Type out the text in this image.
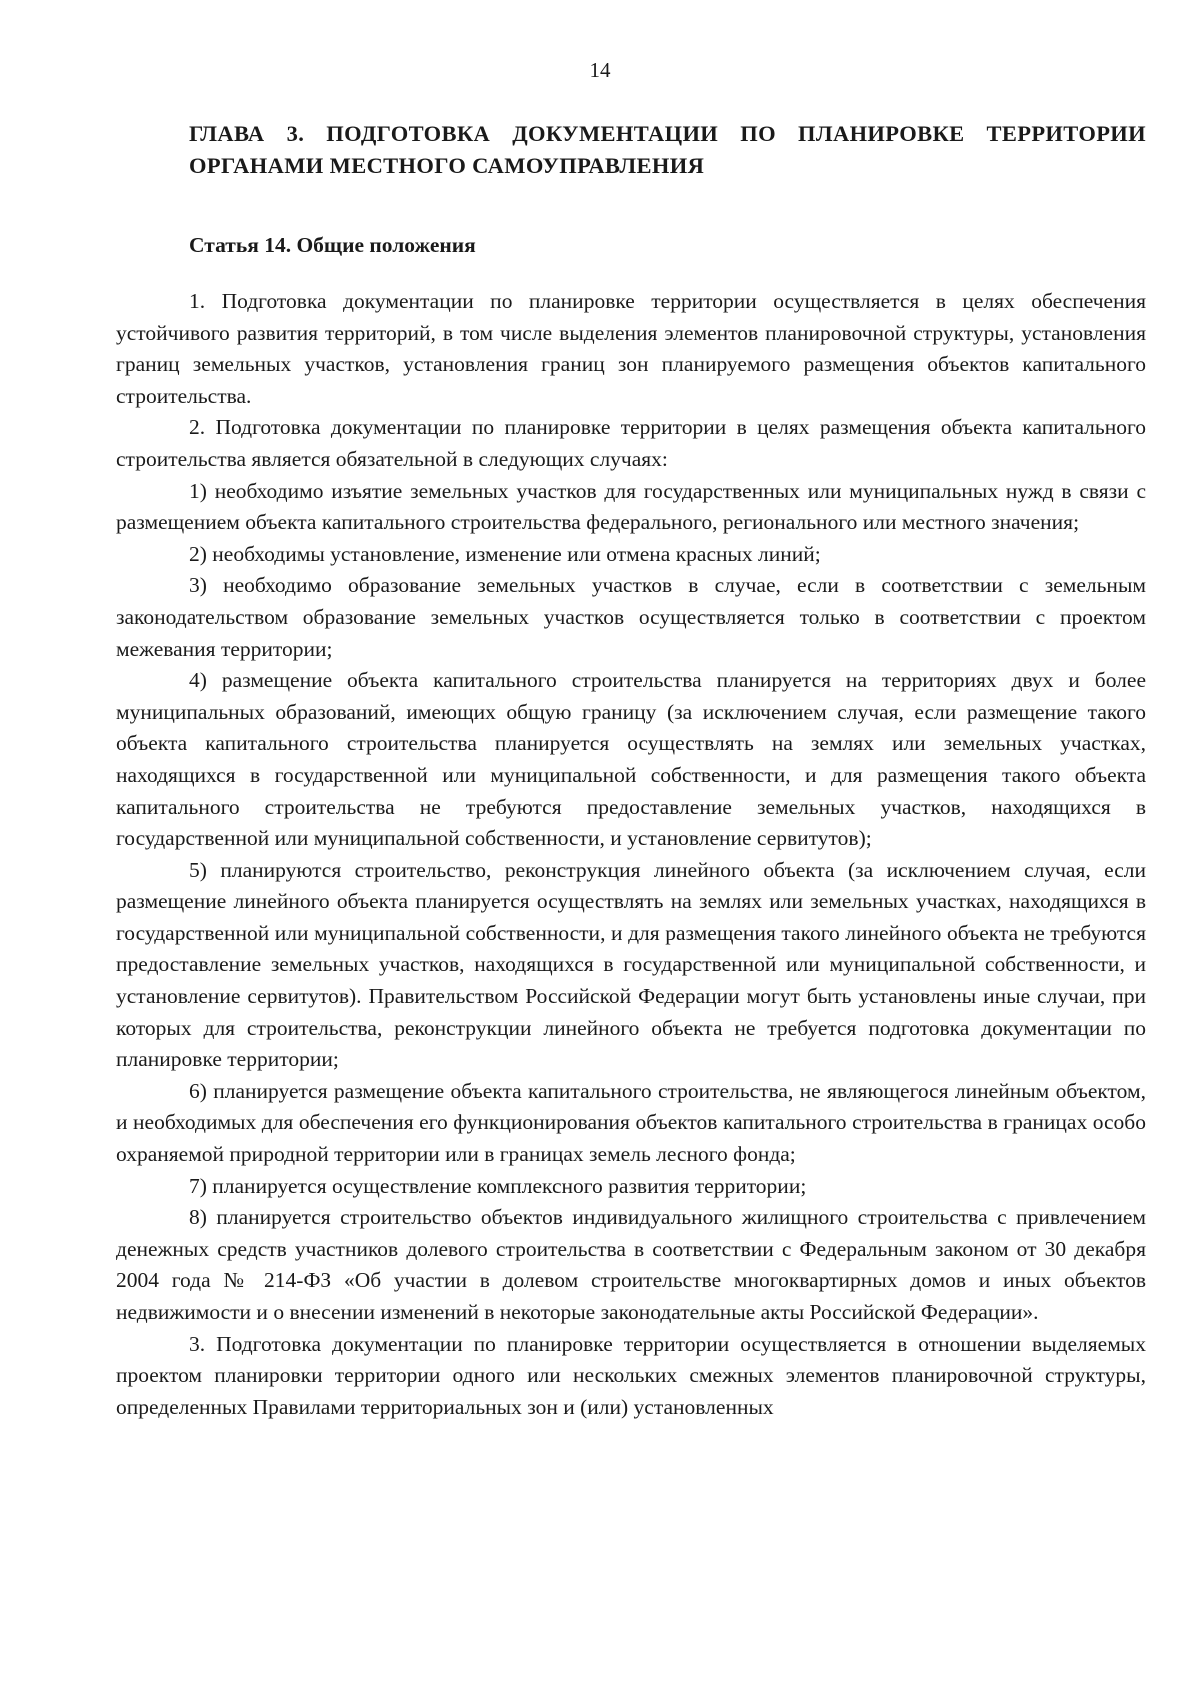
14
ГЛАВА 3. ПОДГОТОВКА ДОКУМЕНТАЦИИ ПО ПЛАНИРОВКЕ ТЕРРИТОРИИ ОРГАНАМИ МЕСТНОГО САМОУПРАВЛЕНИЯ
Статья 14. Общие положения

1. Подготовка документации по планировке территории осуществляется в целях обеспечения устойчивого развития территорий, в том числе выделения элементов планировочной структуры, установления границ земельных участков, установления границ зон планируемого размещения объектов капитального строительства.

2. Подготовка документации по планировке территории в целях размещения объекта капитального строительства является обязательной в следующих случаях:

1) необходимо изъятие земельных участков для государственных или муниципальных нужд в связи с размещением объекта капитального строительства федерального, регионального или местного значения;

2) необходимы установление, изменение или отмена красных линий;

3) необходимо образование земельных участков в случае, если в соответствии с земельным законодательством образование земельных участков осуществляется только в соответствии с проектом межевания территории;

4) размещение объекта капитального строительства планируется на территориях двух и более муниципальных образований, имеющих общую границу (за исключением случая, если размещение такого объекта капитального строительства планируется осуществлять на землях или земельных участках, находящихся в государственной или муниципальной собственности, и для размещения такого объекта капитального строительства не требуются предоставление земельных участков, находящихся в государственной или муниципальной собственности, и установление сервитутов);

5) планируются строительство, реконструкция линейного объекта (за исключением случая, если размещение линейного объекта планируется осуществлять на землях или земельных участках, находящихся в государственной или муниципальной собственности, и для размещения такого линейного объекта не требуются предоставление земельных участков, находящихся в государственной или муниципальной собственности, и установление сервитутов). Правительством Российской Федерации могут быть установлены иные случаи, при которых для строительства, реконструкции линейного объекта не требуется подготовка документации по планировке территории;

6) планируется размещение объекта капитального строительства, не являющегося линейным объектом, и необходимых для обеспечения его функционирования объектов капитального строительства в границах особо охраняемой природной территории или в границах земель лесного фонда;

7) планируется осуществление комплексного развития территории;

8) планируется строительство объектов индивидуального жилищного строительства с привлечением денежных средств участников долевого строительства в соответствии с Федеральным законом от 30 декабря 2004 года № 214-ФЗ «Об участии в долевом строительстве многоквартирных домов и иных объектов недвижимости и о внесении изменений в некоторые законодательные акты Российской Федерации».

3. Подготовка документации по планировке территории осуществляется в отношении выделяемых проектом планировки территории одного или нескольких смежных элементов планировочной структуры, определенных Правилами территориальных зон и (или) установленных
